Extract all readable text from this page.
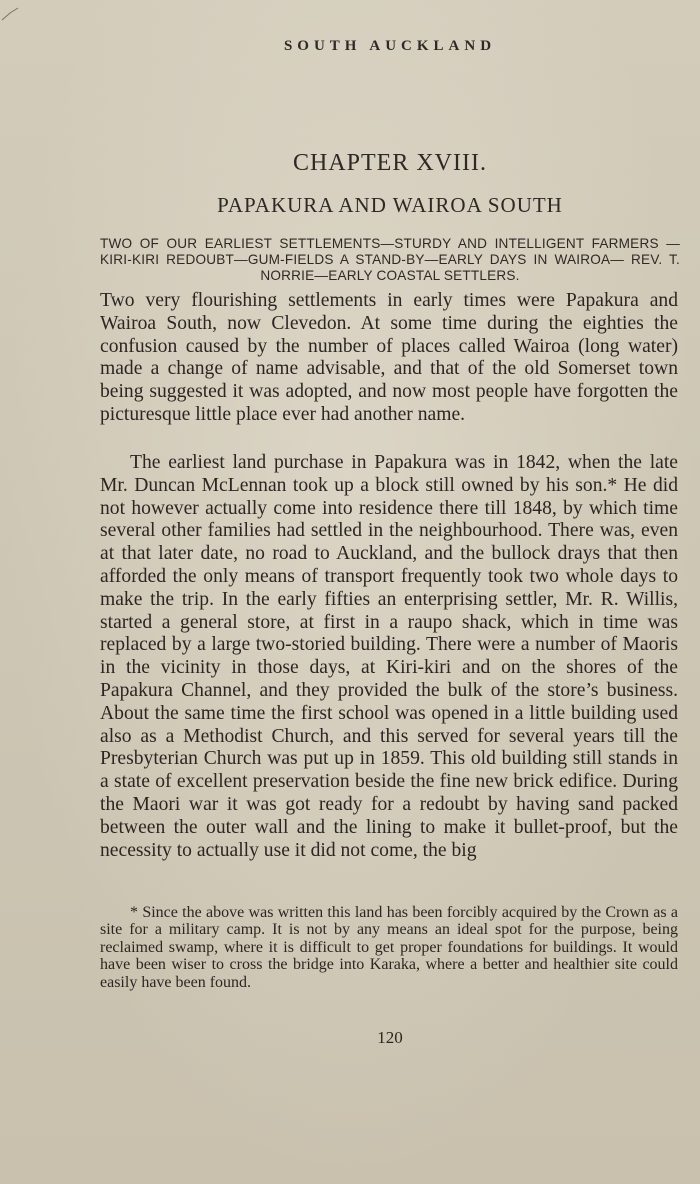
SOUTH AUCKLAND
CHAPTER XVIII.
PAPAKURA AND WAIROA SOUTH
TWO OF OUR EARLIEST SETTLEMENTS—STURDY AND INTELLIGENT FARMERS —KIRI-KIRI REDOUBT—GUM-FIELDS A STAND-BY—EARLY DAYS IN WAIROA— REV. T. NORRIE—EARLY COASTAL SETTLERS.
Two very flourishing settlements in early times were Papakura and Wairoa South, now Clevedon. At some time during the eighties the confusion caused by the number of places called Wairoa (long water) made a change of name advisable, and that of the old Somerset town being suggested it was adopted, and now most people have forgotten the picturesque little place ever had another name.
The earliest land purchase in Papakura was in 1842, when the late Mr. Duncan McLennan took up a block still owned by his son.* He did not however actually come into residence there till 1848, by which time several other families had settled in the neighbourhood. There was, even at that later date, no road to Auckland, and the bullock drays that then afforded the only means of transport frequently took two whole days to make the trip. In the early fifties an enterprising settler, Mr. R. Willis, started a general store, at first in a raupo shack, which in time was replaced by a large two-storied building. There were a number of Maoris in the vicinity in those days, at Kiri-kiri and on the shores of the Papakura Channel, and they provided the bulk of the store’s business. About the same time the first school was opened in a little building used also as a Methodist Church, and this served for several years till the Presbyterian Church was put up in 1859. This old building still stands in a state of excellent preservation beside the fine new brick edifice. During the Maori war it was got ready for a redoubt by having sand packed between the outer wall and the lining to make it bullet-proof, but the necessity to actually use it did not come, the big
* Since the above was written this land has been forcibly acquired by the Crown as a site for a military camp. It is not by any means an ideal spot for the purpose, being reclaimed swamp, where it is difficult to get proper foundations for buildings. It would have been wiser to cross the bridge into Karaka, where a better and healthier site could easily have been found.
120
